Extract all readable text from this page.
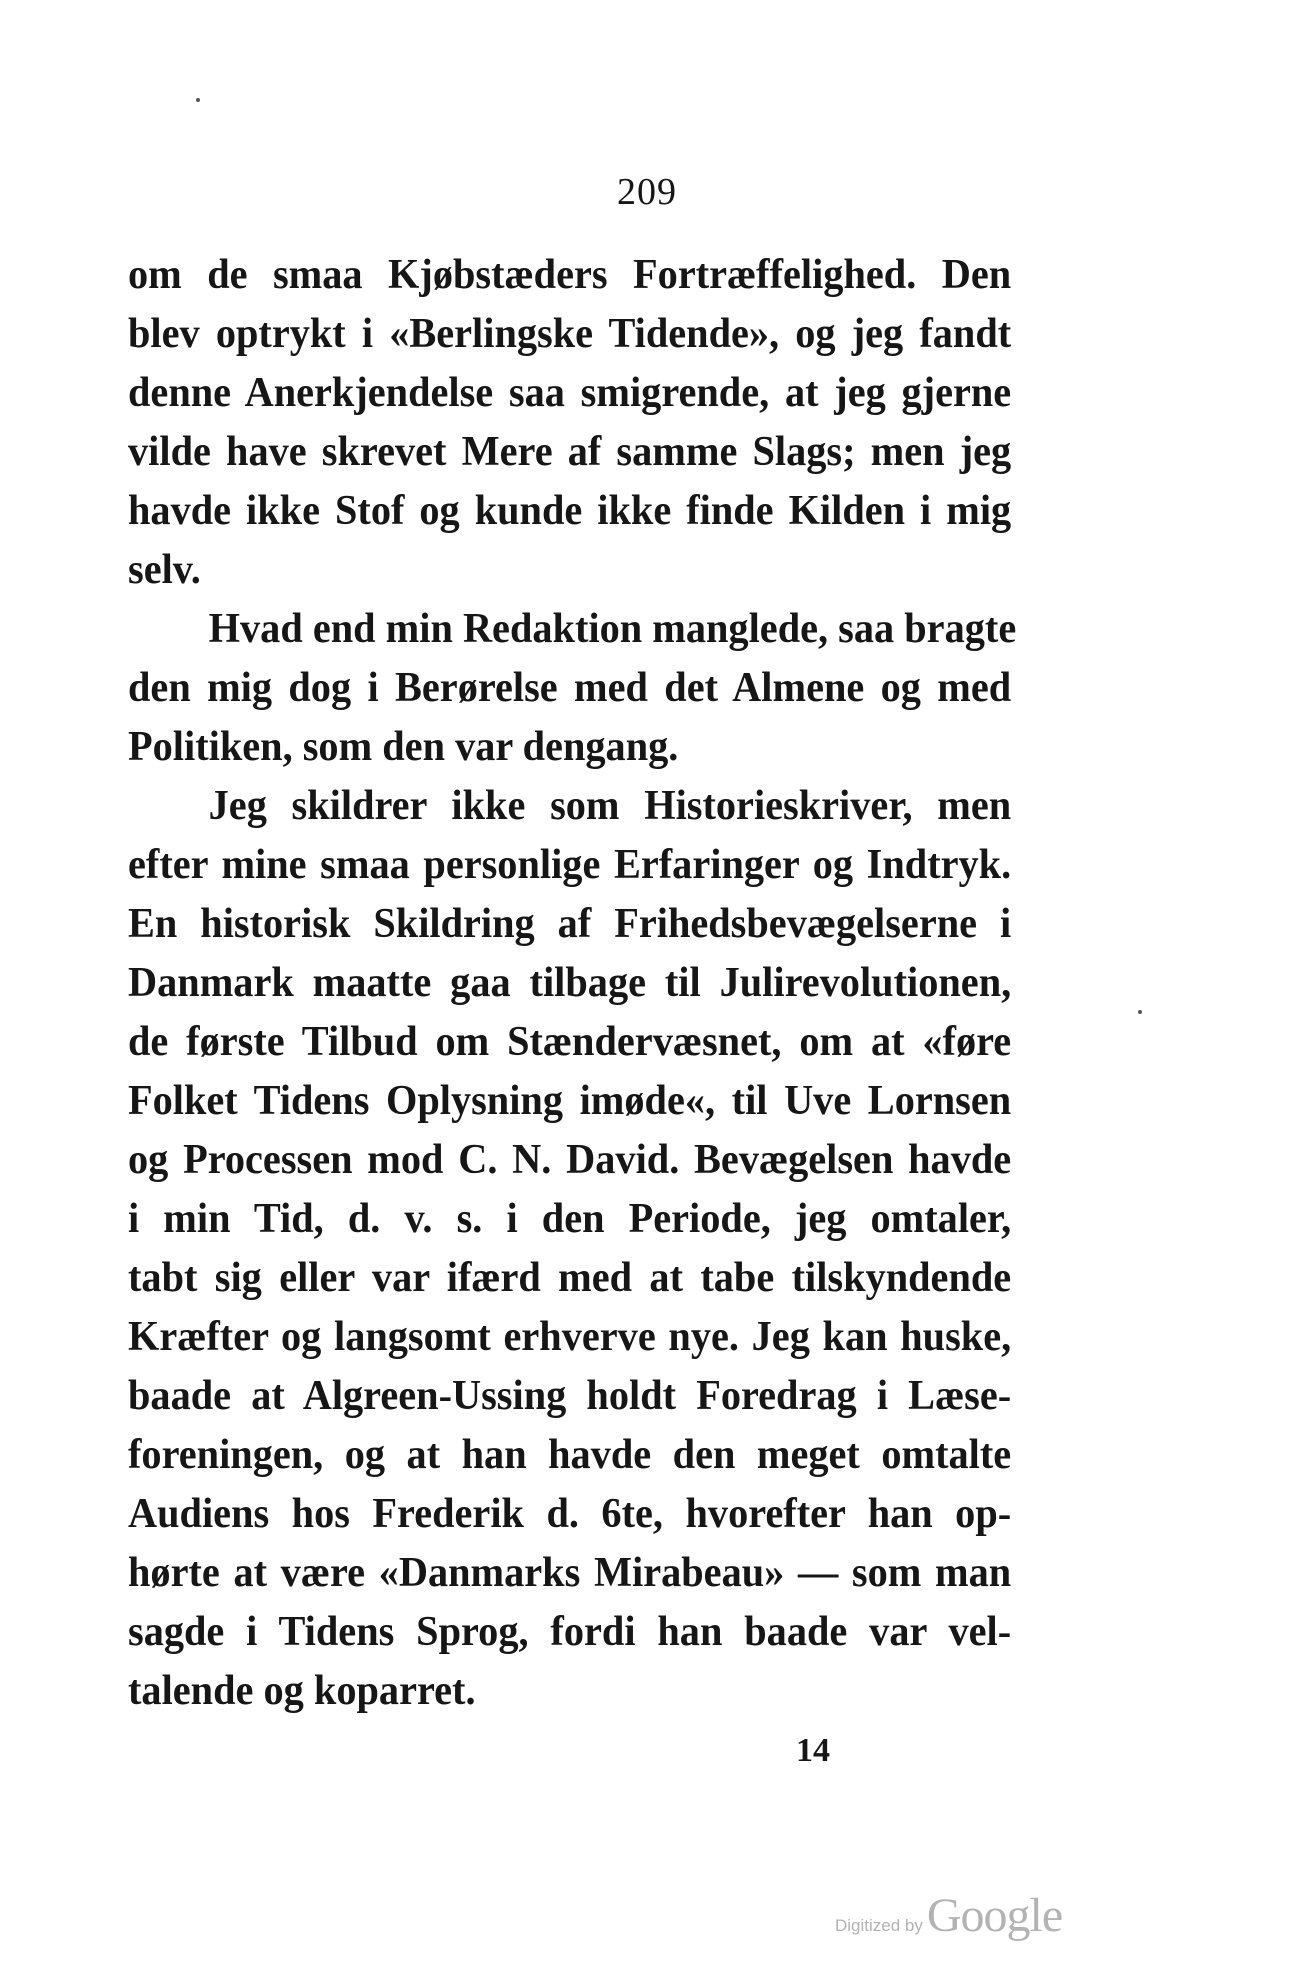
209
om de smaa Kjøbstæders Fortræffelighed. Den
blev optrykt i «Berlingske Tidende», og jeg fandt
denne Anerkjendelse saa smigrende, at jeg gjerne
vilde have skrevet Mere af samme Slags; men jeg
havde ikke Stof og kunde ikke finde Kilden i mig
selv.
Hvad end min Redaktion manglede, saa bragte
den mig dog i Berørelse med det Almene og med
Politiken, som den var dengang.
Jeg skildrer ikke som Historieskriver, men
efter mine smaa personlige Erfaringer og Indtryk.
En historisk Skildring af Frihedsbevægelserne i
Danmark maatte gaa tilbage til Julirevolutionen,
de første Tilbud om Stændervæsnet, om at «føre
Folket Tidens Oplysning imøde«, til Uve Lornsen
og Processen mod C. N. David. Bevægelsen havde
i min Tid, d. v. s. i den Periode, jeg omtaler,
tabt sig eller var ifærd med at tabe tilskyndende
Kræfter og langsomt erhverve nye. Jeg kan huske,
baade at Algreen-Ussing holdt Foredrag i Læse-
foreningen, og at han havde den meget omtalte
Audiens hos Frederik d. 6te, hvorefter han op-
hørte at være «Danmarks Mirabeau» — som man
sagde i Tidens Sprog, fordi han baade var vel-
talende og koparret.
14
Digitized by Google
